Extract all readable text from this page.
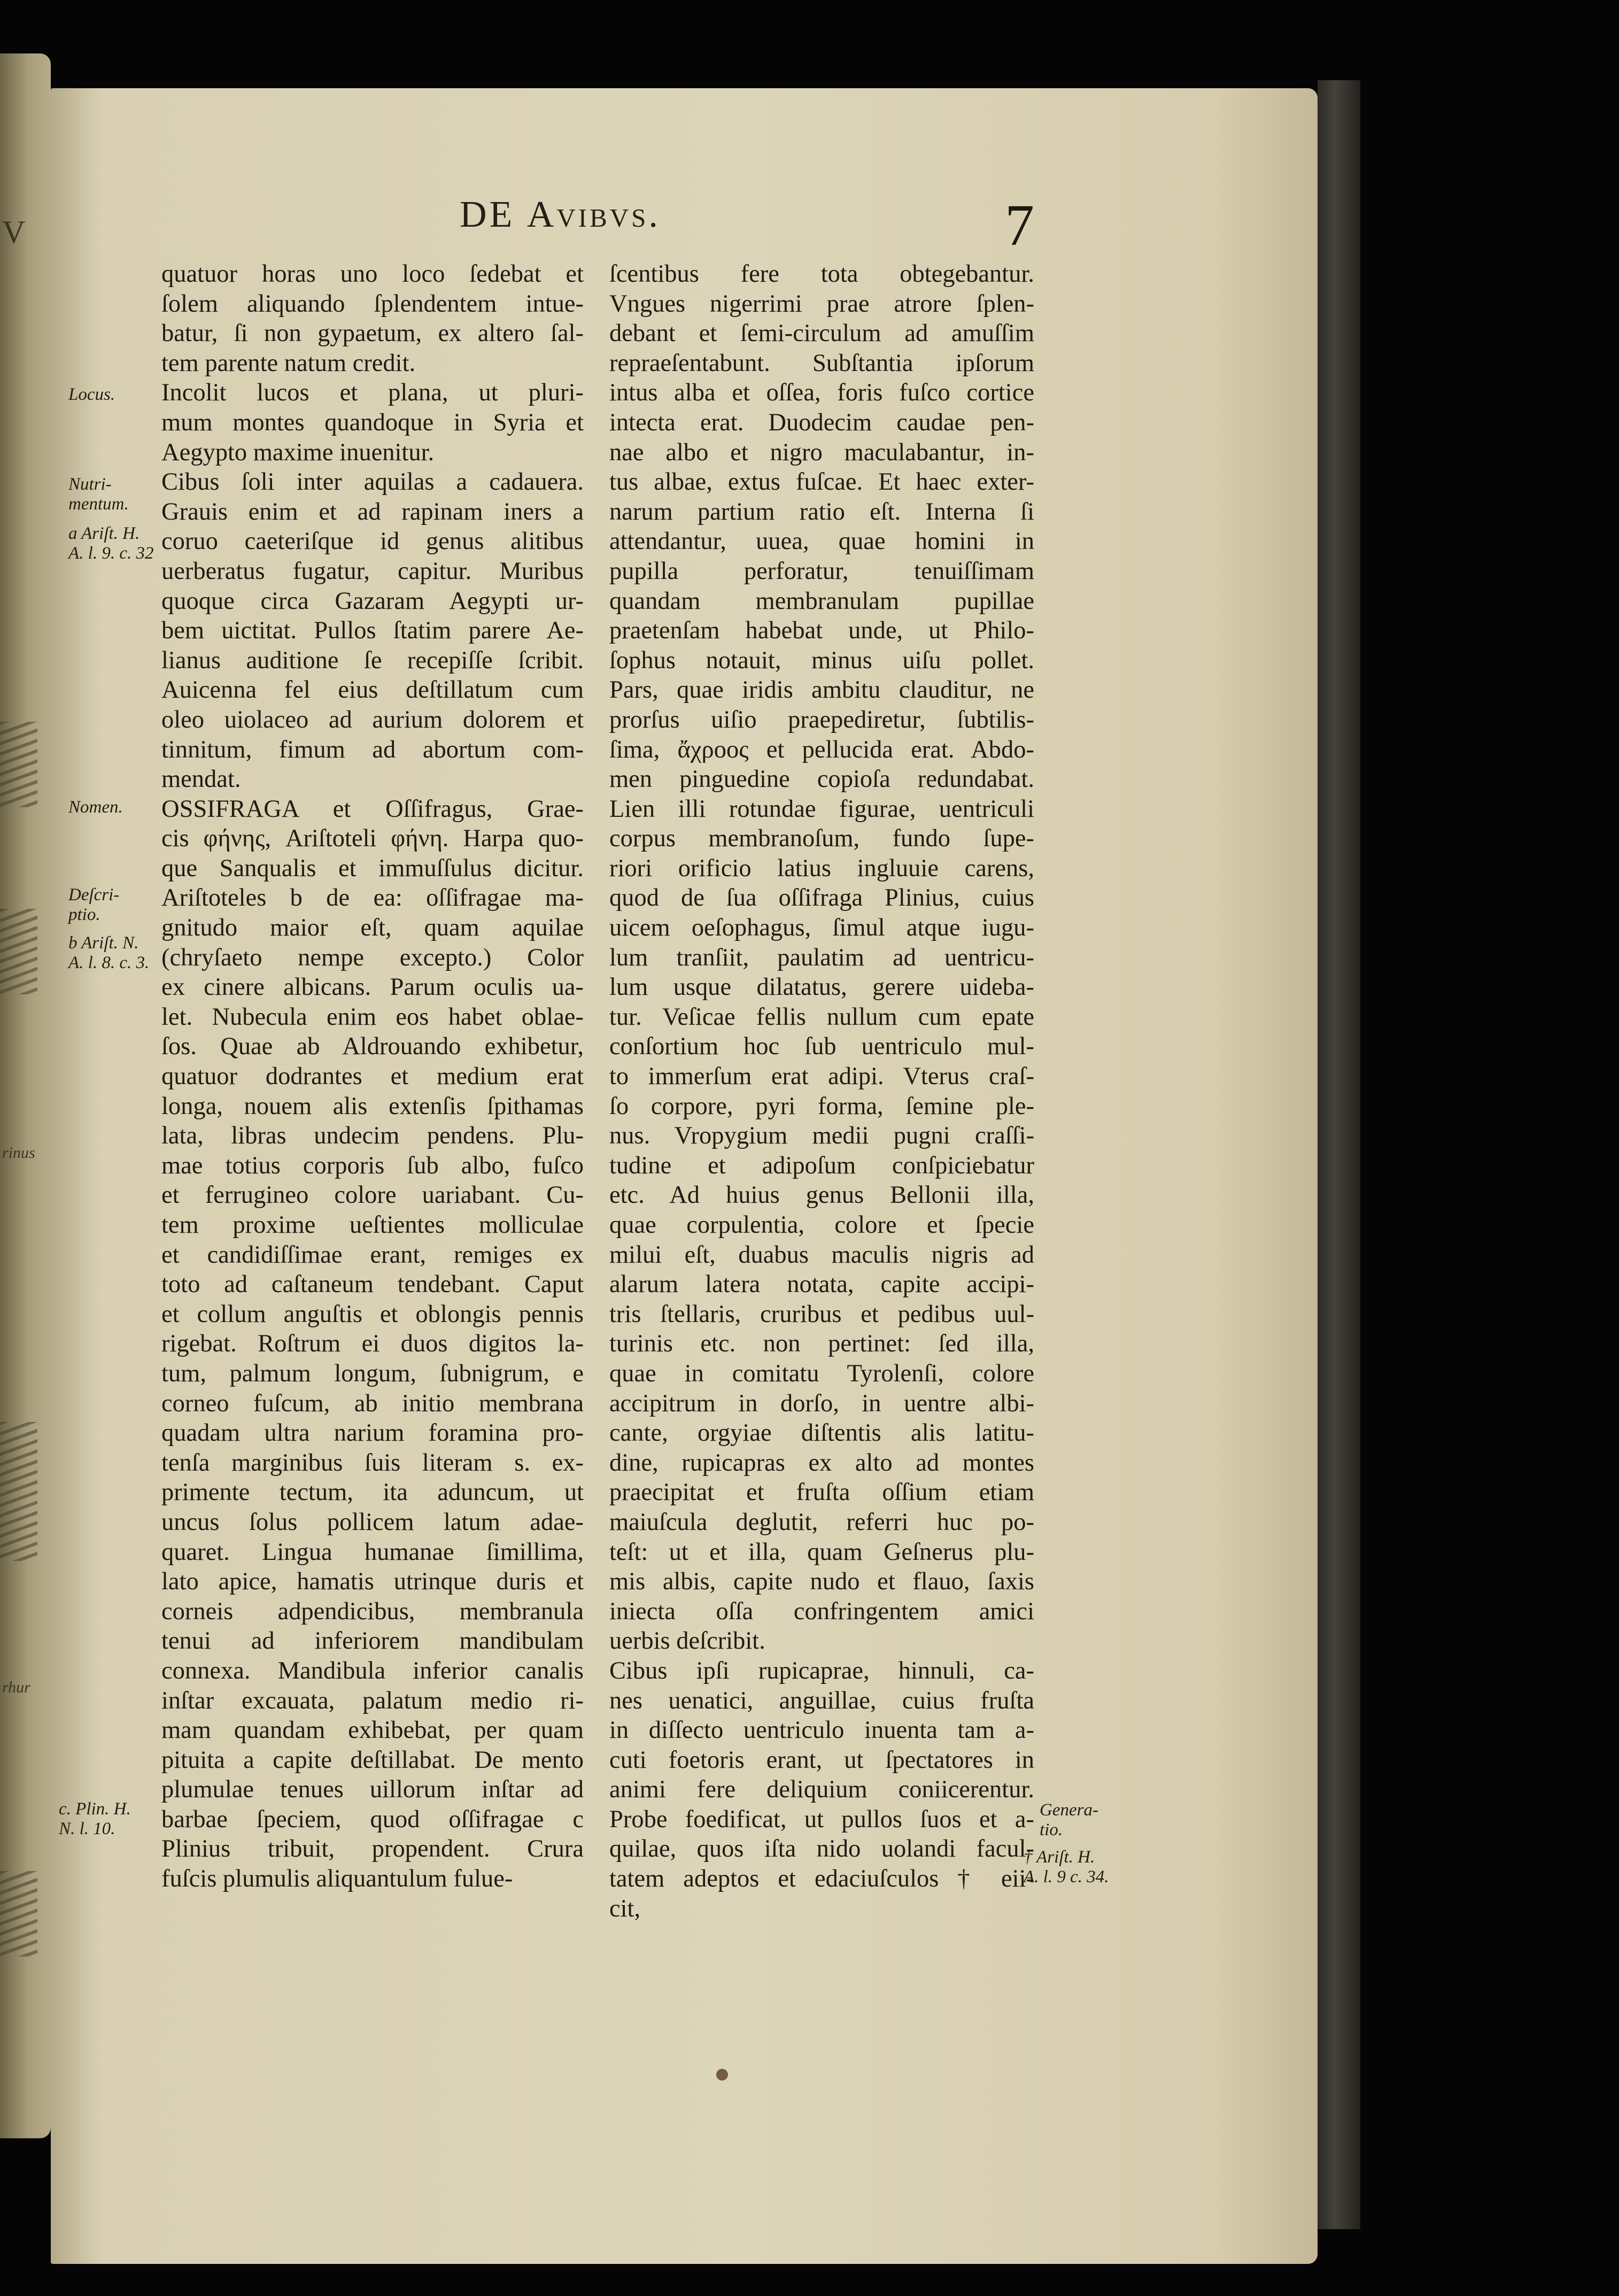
V
rinus
rhur
DE Avibvs.	7
Locus.
Nutri-
mentum.
a Ariſt. H.
A. l. 9. c. 32
Nomen.
Deſcri-
ptio.
b Ariſt. N.
A. l. 8. c. 3.
c. Plin. H.
N. l. 10.
Genera-
tio.
† Ariſt. H.
A. l. 9 c. 34.
quatuor horas uno loco ſedebat et
ſolem aliquando ſplendentem intue-
batur, ſi non gypaetum, ex altero ſal-
tem parente natum credit.
Incolit lucos et plana, ut pluri-
mum montes quandoque in Syria et
Aegypto maxime inuenitur.
Cibus ſoli inter aquilas a cadauera.
Grauis enim et ad rapinam iners a
coruo caeteriſque id genus alitibus
uerberatus fugatur, capitur. Muribus
quoque circa Gazaram Aegypti ur-
bem uictitat. Pullos ſtatim parere Ae-
lianus auditione ſe recepiſſe ſcribit.
Auicenna fel eius deſtillatum cum
oleo uiolaceo ad aurium dolorem et
tinnitum, fimum ad abortum com-
mendat.
OSSIFRAGA et Oſſifragus, Grae-
cis φήνης, Ariſtoteli φήνη. Harpa quo-
que Sanqualis et immuſſulus dicitur.
Ariſtoteles b de ea: oſſifragae ma-
gnitudo maior eſt, quam aquilae
(chryſaeto nempe excepto.) Color
ex cinere albicans. Parum oculis ua-
let. Nubecula enim eos habet oblae-
ſos. Quae ab Aldrouando exhibetur,
quatuor dodrantes et medium erat
longa, nouem alis extenſis ſpithamas
lata, libras undecim pendens. Plu-
mae totius corporis ſub albo, fuſco
et ferrugineo colore uariabant. Cu-
tem proxime ueſtientes molliculae
et candidiſſimae erant, remiges ex
toto ad caſtaneum tendebant. Caput
et collum anguſtis et oblongis pennis
rigebat. Roſtrum ei duos digitos la-
tum, palmum longum, ſubnigrum, e
corneo fuſcum, ab initio membrana
quadam ultra narium foramina pro-
tenſa marginibus ſuis literam s. ex-
primente tectum, ita aduncum, ut
uncus ſolus pollicem latum adae-
quaret. Lingua humanae ſimillima,
lato apice, hamatis utrinque duris et
corneis adpendicibus, membranula
tenui ad inferiorem mandibulam
connexa. Mandibula inferior canalis
inſtar excauata, palatum medio ri-
mam quandam exhibebat, per quam
pituita a capite deſtillabat. De mento
plumulae tenues uillorum inſtar ad
barbae ſpeciem, quod oſſifragae c
Plinius tribuit, propendent. Crura
fuſcis plumulis aliquantulum fulue-
ſcentibus fere tota obtegebantur.
Vngues nigerrimi prae atrore ſplen-
debant et ſemi-circulum ad amuſſim
repraeſentabunt. Subſtantia ipſorum
intus alba et oſſea, foris fuſco cortice
intecta erat. Duodecim caudae pen-
nae albo et nigro maculabantur, in-
tus albae, extus fuſcae. Et haec exter-
narum partium ratio eſt. Interna ſi
attendantur, uuea, quae homini in
pupilla perforatur, tenuiſſimam
quandam membranulam pupillae
praetenſam habebat unde, ut Philo-
ſophus notauit, minus uiſu pollet.
Pars, quae iridis ambitu clauditur, ne
prorſus uiſio praepediretur, ſubtilis-
ſima, ἄχροος et pellucida erat. Abdo-
men pinguedine copioſa redundabat.
Lien illi rotundae figurae, uentriculi
corpus membranoſum, fundo ſupe-
riori orificio latius ingluuie carens,
quod de ſua oſſifraga Plinius, cuius
uicem oeſophagus, ſimul atque iugu-
lum tranſiit, paulatim ad uentricu-
lum usque dilatatus, gerere uideba-
tur. Veſicae fellis nullum cum epate
conſortium hoc ſub uentriculo mul-
to immerſum erat adipi. Vterus craſ-
ſo corpore, pyri forma, ſemine ple-
nus. Vropygium medii pugni craſſi-
tudine et adipoſum conſpiciebatur
etc. Ad huius genus Bellonii illa,
quae corpulentia, colore et ſpecie
milui eſt, duabus maculis nigris ad
alarum latera notata, capite accipi-
tris ſtellaris, cruribus et pedibus uul-
turinis etc. non pertinet: ſed illa,
quae in comitatu Tyrolenſi, colore
accipitrum in dorſo, in uentre albi-
cante, orgyiae diſtentis alis latitu-
dine, rupicapras ex alto ad montes
praecipitat et fruſta oſſium etiam
maiuſcula deglutit, referri huc po-
teſt: ut et illa, quam Geſnerus plu-
mis albis, capite nudo et flauo, ſaxis
iniecta oſſa confringentem amici
uerbis deſcribit.
Cibus ipſi rupicaprae, hinnuli, ca-
nes uenatici, anguillae, cuius fruſta
in diſſecto uentriculo inuenta tam a-
cuti foetoris erant, ut ſpectatores in
animi fere deliquium coniicerentur.
Probe foedificat, ut pullos ſuos et a-
quilae, quos iſta nido uolandi facul-
tatem adeptos et edaciuſculos † eii-
cit,
